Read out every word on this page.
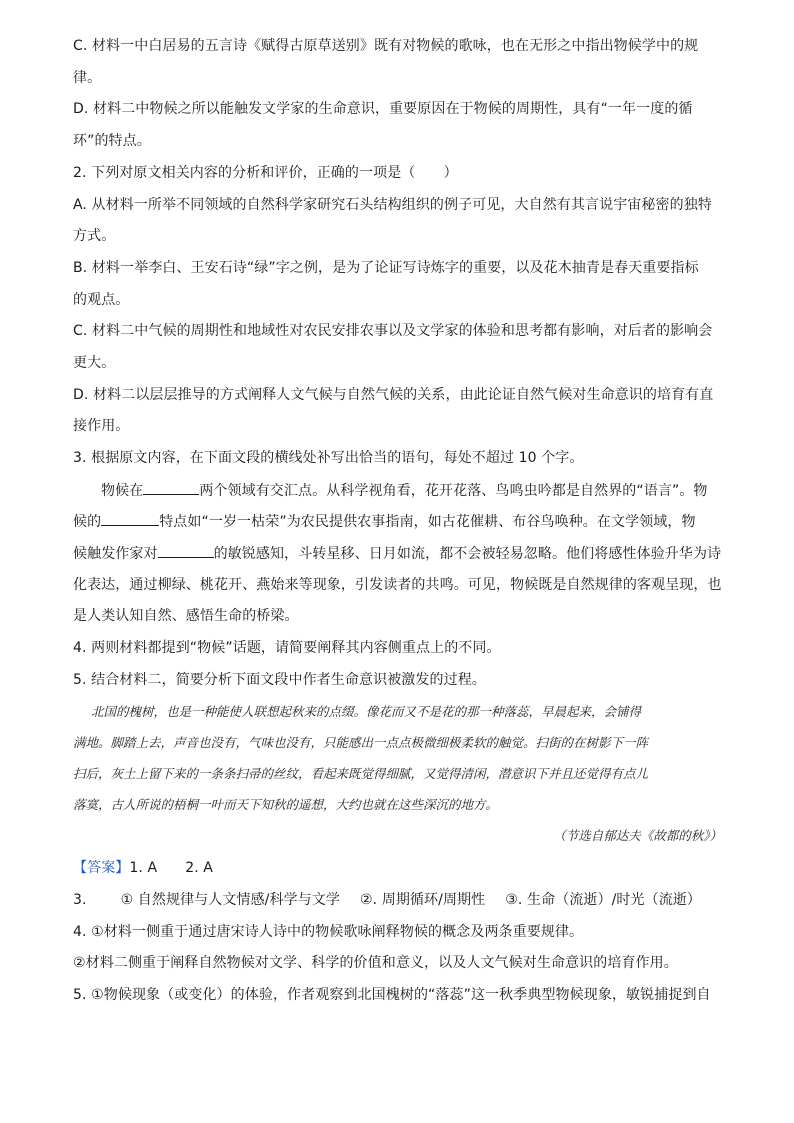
C. 材料一中白居易的五言诗《赋得古原草送别》既有对物候的歌咏，也在无形之中指出物候学中的规
律。
D. 材料二中物候之所以能触发文学家的生命意识，重要原因在于物候的周期性，具有“一年一度的循
环”的特点。
2. 下列对原文相关内容的分析和评价，正确的一项是（　　）
A. 从材料一所举不同领域的自然科学家研究石头结构组织的例子可见，大自然有其言说宇宙秘密的独特
方式。
B. 材料一举李白、王安石诗“绿”字之例，是为了论证写诗炼字的重要，以及花木抽青是春天重要指标
的观点。
C. 材料二中气候的周期性和地域性对农民安排农事以及文学家的体验和思考都有影响，对后者的影响会
更大。
D. 材料二以层层推导的方式阐释人文气候与自然气候的关系，由此论证自然气候对生命意识的培育有直
接作用。
3. 根据原文内容，在下面文段的横线处补写出恰当的语句，每处不超过 10 个字。
物候在	两个领域有交汇点。从科学视角看，花开花落、鸟鸣虫吟都是自然界的“语言”。物
候的	特点如“一岁一枯荣”为农民提供农事指南，如古花催耕、布谷鸟唤种。在文学领域，物
候触发作家对	的敏锐感知，斗转星移、日月如流，都不会被轻易忽略。他们将感性体验升华为诗
化表达，通过柳绿、桃花开、燕始来等现象，引发读者的共鸣。可见，物候既是自然规律的客观呈现，也
是人类认知自然、感悟生命的桥梁。
4. 两则材料都提到“物候”话题，请简要阐释其内容侧重点上的不同。
5. 结合材料二，简要分析下面文段中作者生命意识被激发的过程。
北国的槐树，也是一种能使人联想起秋来的点缀。像花而又不是花的那一种落蕊，早晨起来，会铺得
满地。脚踏上去，声音也没有，气味也没有，只能感出一点点极微细极柔软的触觉。扫街的在树影下一阵
扫后，灰土上留下来的一条条扫帚的丝纹，看起来既觉得细腻，又觉得清闲，潜意识下并且还觉得有点儿
落寞，古人所说的梧桐一叶而天下知秋的遥想，大约也就在这些深沉的地方。
（节选自郁达夫《故都的秋》）
【答案】1. A 2. A
3. ① 自然规律与人文情感/科学与文学 ②. 周期循环/周期性 ③. 生命（流逝）/时光（流逝）
4. ①材料一侧重于通过唐宋诗人诗中的物候歌咏阐释物候的概念及两条重要规律。
②材料二侧重于阐释自然物候对文学、科学的价值和意义，以及人文气候对生命意识的培育作用。
5. ①物候现象（或变化）的体验，作者观察到北国槐树的“落蕊”这一秋季典型物候现象，敏锐捕捉到自
